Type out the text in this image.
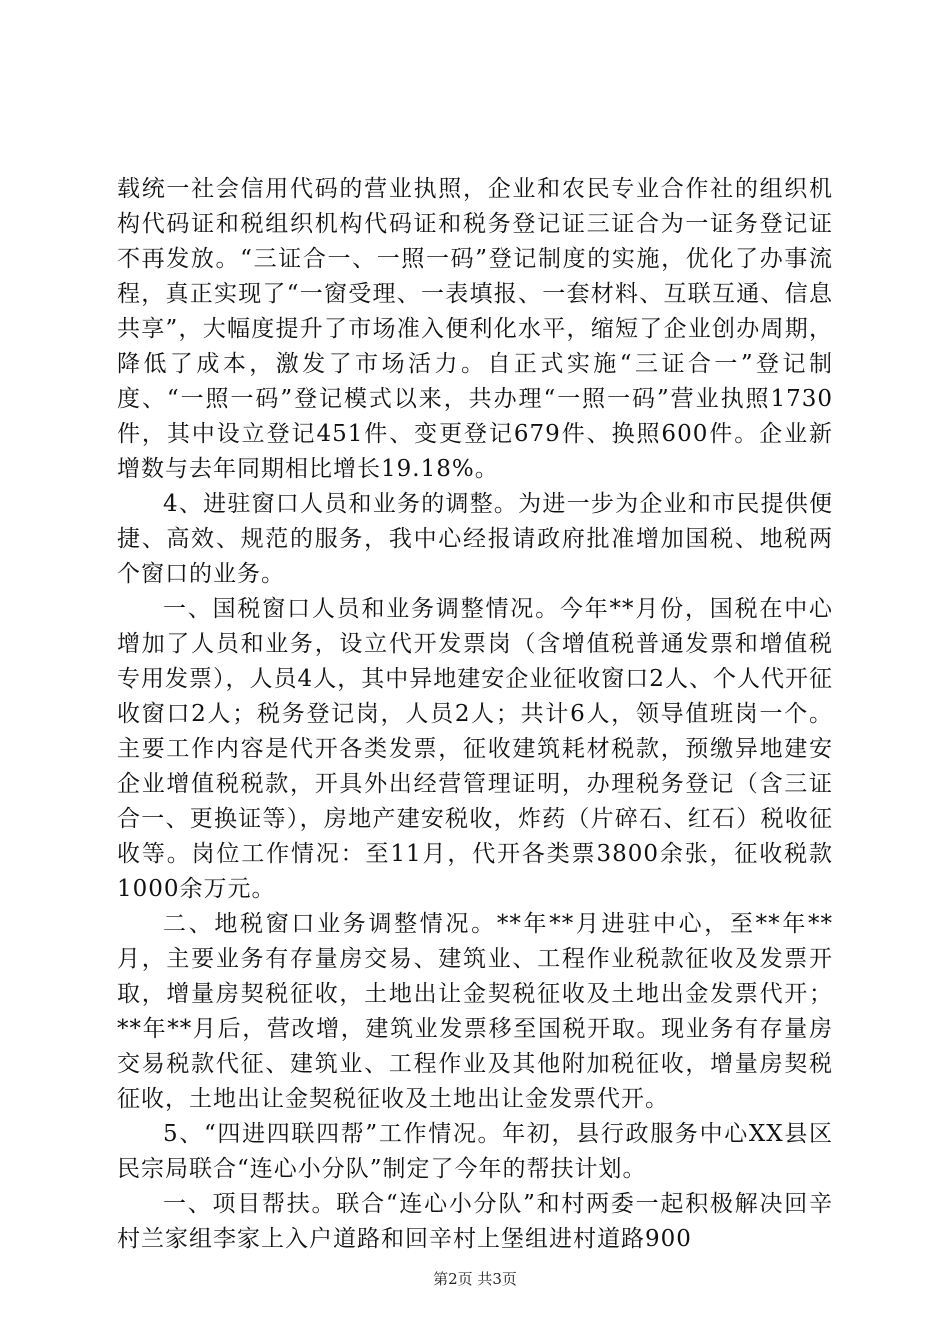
载统一社会信用代码的营业执照，企业和农民专业合作社的组织机构代码证和税组织机构代码证和税务登记证三证合为一证务登记证不再发放。“三证合一、一照一码”登记制度的实施，优化了办事流程，真正实现了“一窗受理、一表填报、一套材料、互联互通、信息共享”，大幅度提升了市场准入便利化水平，缩短了企业创办周期，降低了成本，激发了市场活力。自正式实施“三证合一”登记制度、“一照一码”登记模式以来，共办理“一照一码”营业执照1730件，其中设立登记451件、变更登记679件、换照600件。企业新增数与去年同期相比增长19.18%。

4、进驻窗口人员和业务的调整。为进一步为企业和市民提供便捷、高效、规范的服务，我中心经报请政府批准增加国税、地税两个窗口的业务。

一、国税窗口人员和业务调整情况。今年**月份，国税在中心增加了人员和业务，设立代开发票岗（含增值税普通发票和增值税专用发票），人员4人，其中异地建安企业征收窗口2人、个人代开征收窗口2人；税务登记岗，人员2人；共计6人，领导值班岗一个。主要工作内容是代开各类发票，征收建筑耗材税款，预缴异地建安企业增值税税款，开具外出经营管理证明，办理税务登记（含三证合一、更换证等），房地产建安税收，炸药（片碎石、红石）税收征收等。岗位工作情况：至11月，代开各类票3800余张，征收税款1000余万元。

二、地税窗口业务调整情况。**年**月进驻中心，至**年**月，主要业务有存量房交易、建筑业、工程作业税款征收及发票开取，增量房契税征收，土地出让金契税征收及土地出金发票代开；**年**月后，营改增，建筑业发票移至国税开取。现业务有存量房交易税款代征、建筑业、工程作业及其他附加税征收，增量房契税征收，土地出让金契税征收及土地出让金发票代开。

5、“四进四联四帮”工作情况。年初，县行政服务中心XX县区民宗局联合“连心小分队”制定了今年的帮扶计划。

一、项目帮扶。联合“连心小分队”和村两委一起积极解决回辛村兰家组李家上入户道路和回辛村上堡组进村道路900

第2页 共3页
